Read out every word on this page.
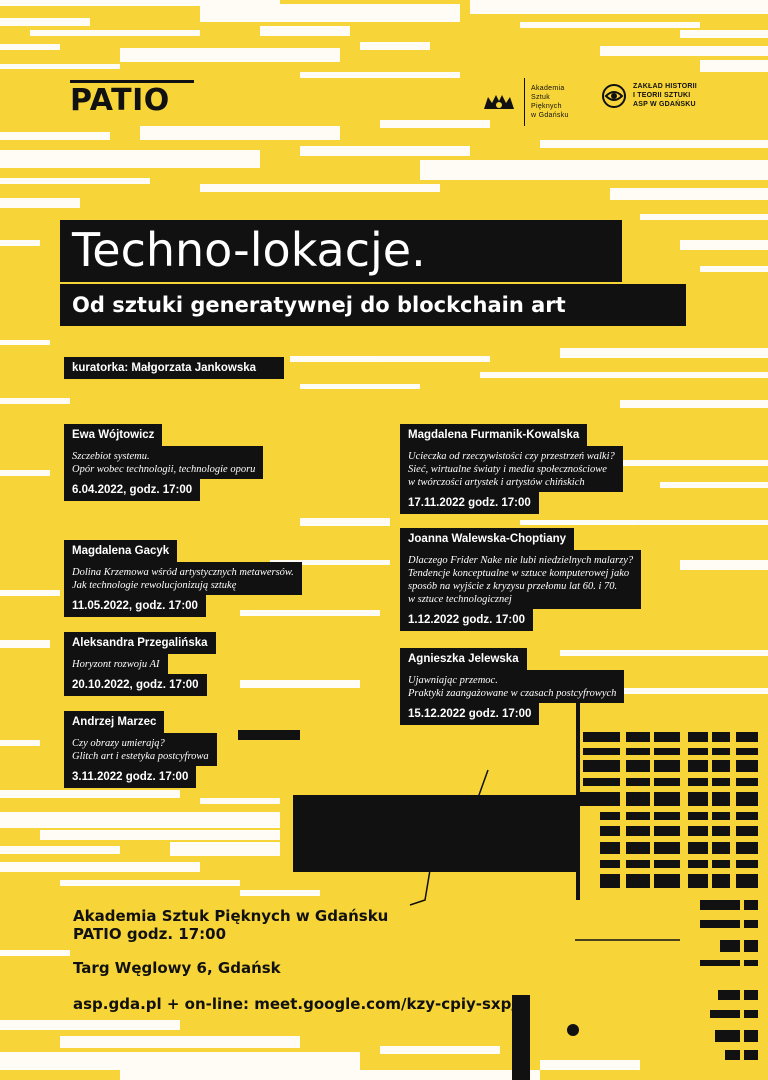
PATIO	Akademia
Sztuk
Pięknych
w Gdańsku
ZAKŁAD HISTORII
I TEORII SZTUKI
ASP W GDAŃSKU
Techno-lokacje.
Od sztuki generatywnej do blockchain art
kuratorka: Małgorzata Jankowska
Ewa Wójtowicz
Szczebiot systemu.
Opór wobec technologii, technologie oporu
6.04.2022, godz. 17:00
Magdalena Gacyk
Dolina Krzemowa wśród artystycznych metawersów.
Jak technologie rewolucjonizują sztukę
11.05.2022, godz. 17:00
Aleksandra Przegalińska
Horyzont rozwoju AI
20.10.2022, godz. 17:00
Andrzej Marzec
Czy obrazy umierają?
Glitch art i estetyka postcyfrowa
3.11.2022 godz. 17:00
Magdalena Furmanik-Kowalska
Ucieczka od rzeczywistości czy przestrzeń walki?
Sieć, wirtualne światy i media społecznościowe
w twórczości artystek i artystów chińskich
17.11.2022 godz. 17:00
Joanna Walewska-Choptiany
Dlaczego Frider Nake nie lubi niedzielnych malarzy?
Tendencje konceptualne w sztuce komputerowej jako
sposób na wyjście z kryzysu przełomu lat 60. i 70.
w sztuce technologicznej
1.12.2022 godz. 17:00
Agnieszka Jelewska
Ujawniając przemoc.
Praktyki zaangażowane w czasach postcyfrowych
15.12.2022 godz. 17:00
Akademia Sztuk Pięknych w Gdańsku
PATIO godz. 17:00
Targ Węglowy 6, Gdańsk
asp.gda.pl + on-line: meet.google.com/kzy-cpiy-sxp/
